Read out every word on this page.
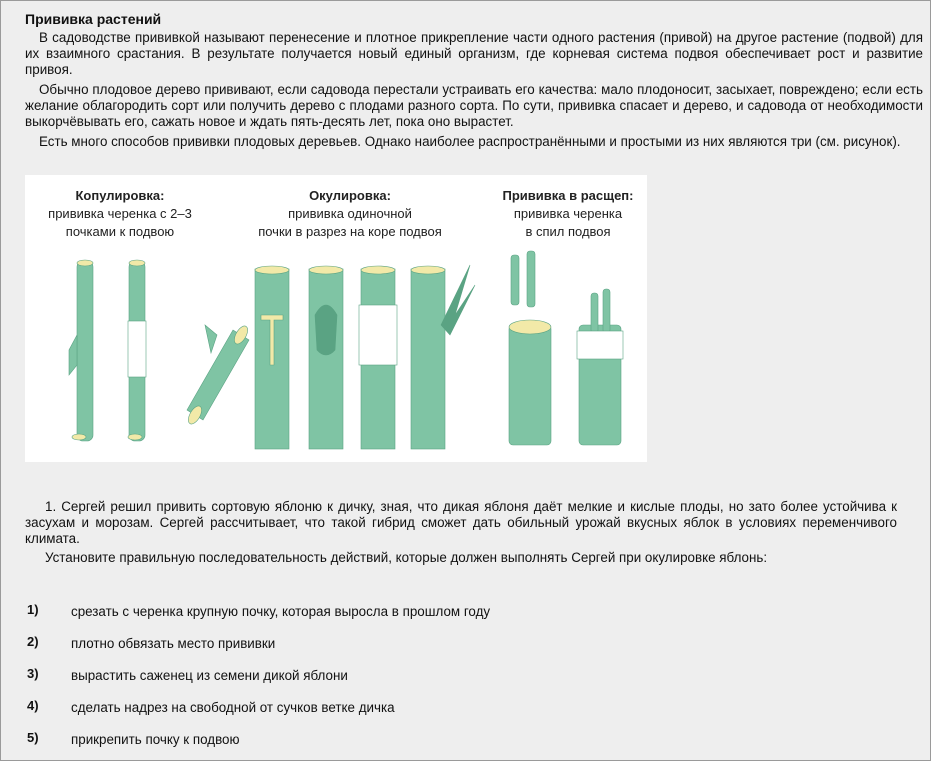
Прививка растений

В садоводстве прививкой называют перенесение и плотное прикрепление части одного растения (привой) на другое растение (подвой) для их взаимного срастания. В результате получается новый единый организм, где корневая система подвоя обеспечивает рост и развитие привоя.

Обычно плодовое дерево прививают, если садовода перестали устраивать его качества: мало плодоносит, засыхает, повреждено; если есть желание облагородить сорт или получить дерево с плодами разного сорта. По сути, прививка спасает и дерево, и садовода от необходимости выкорчёвывать его, сажать новое и ждать пять-десять лет, пока оно вырастет.

Есть много способов прививки плодовых деревьев. Однако наиболее распространёнными и простыми из них являются три (см. рисунок).

Копулировка:
прививка черенка с 2–3
почками к подвою
Окулировка:
прививка одиночной
почки в разрез на коре подвоя
Прививка в расщеп:
прививка черенка
в спил подвоя

1. Сергей решил привить сортовую яблоню к дичку, зная, что дикая яблоня даёт мелкие и кислые плоды, но зато более устойчива к засухам и морозам. Сергей рассчитывает, что такой гибрид сможет дать обильный урожай вкусных яблок в условиях переменчивого климата.

Установите правильную последовательность действий, которые должен выполнять Сергей при окулировке яблонь:

1) срезать с черенка крупную почку, которая выросла в прошлом году
2) плотно обвязать место прививки
3) вырастить саженец из семени дикой яблони
4) сделать надрез на свободной от сучков ветке дичка
5) прикрепить почку к подвою
